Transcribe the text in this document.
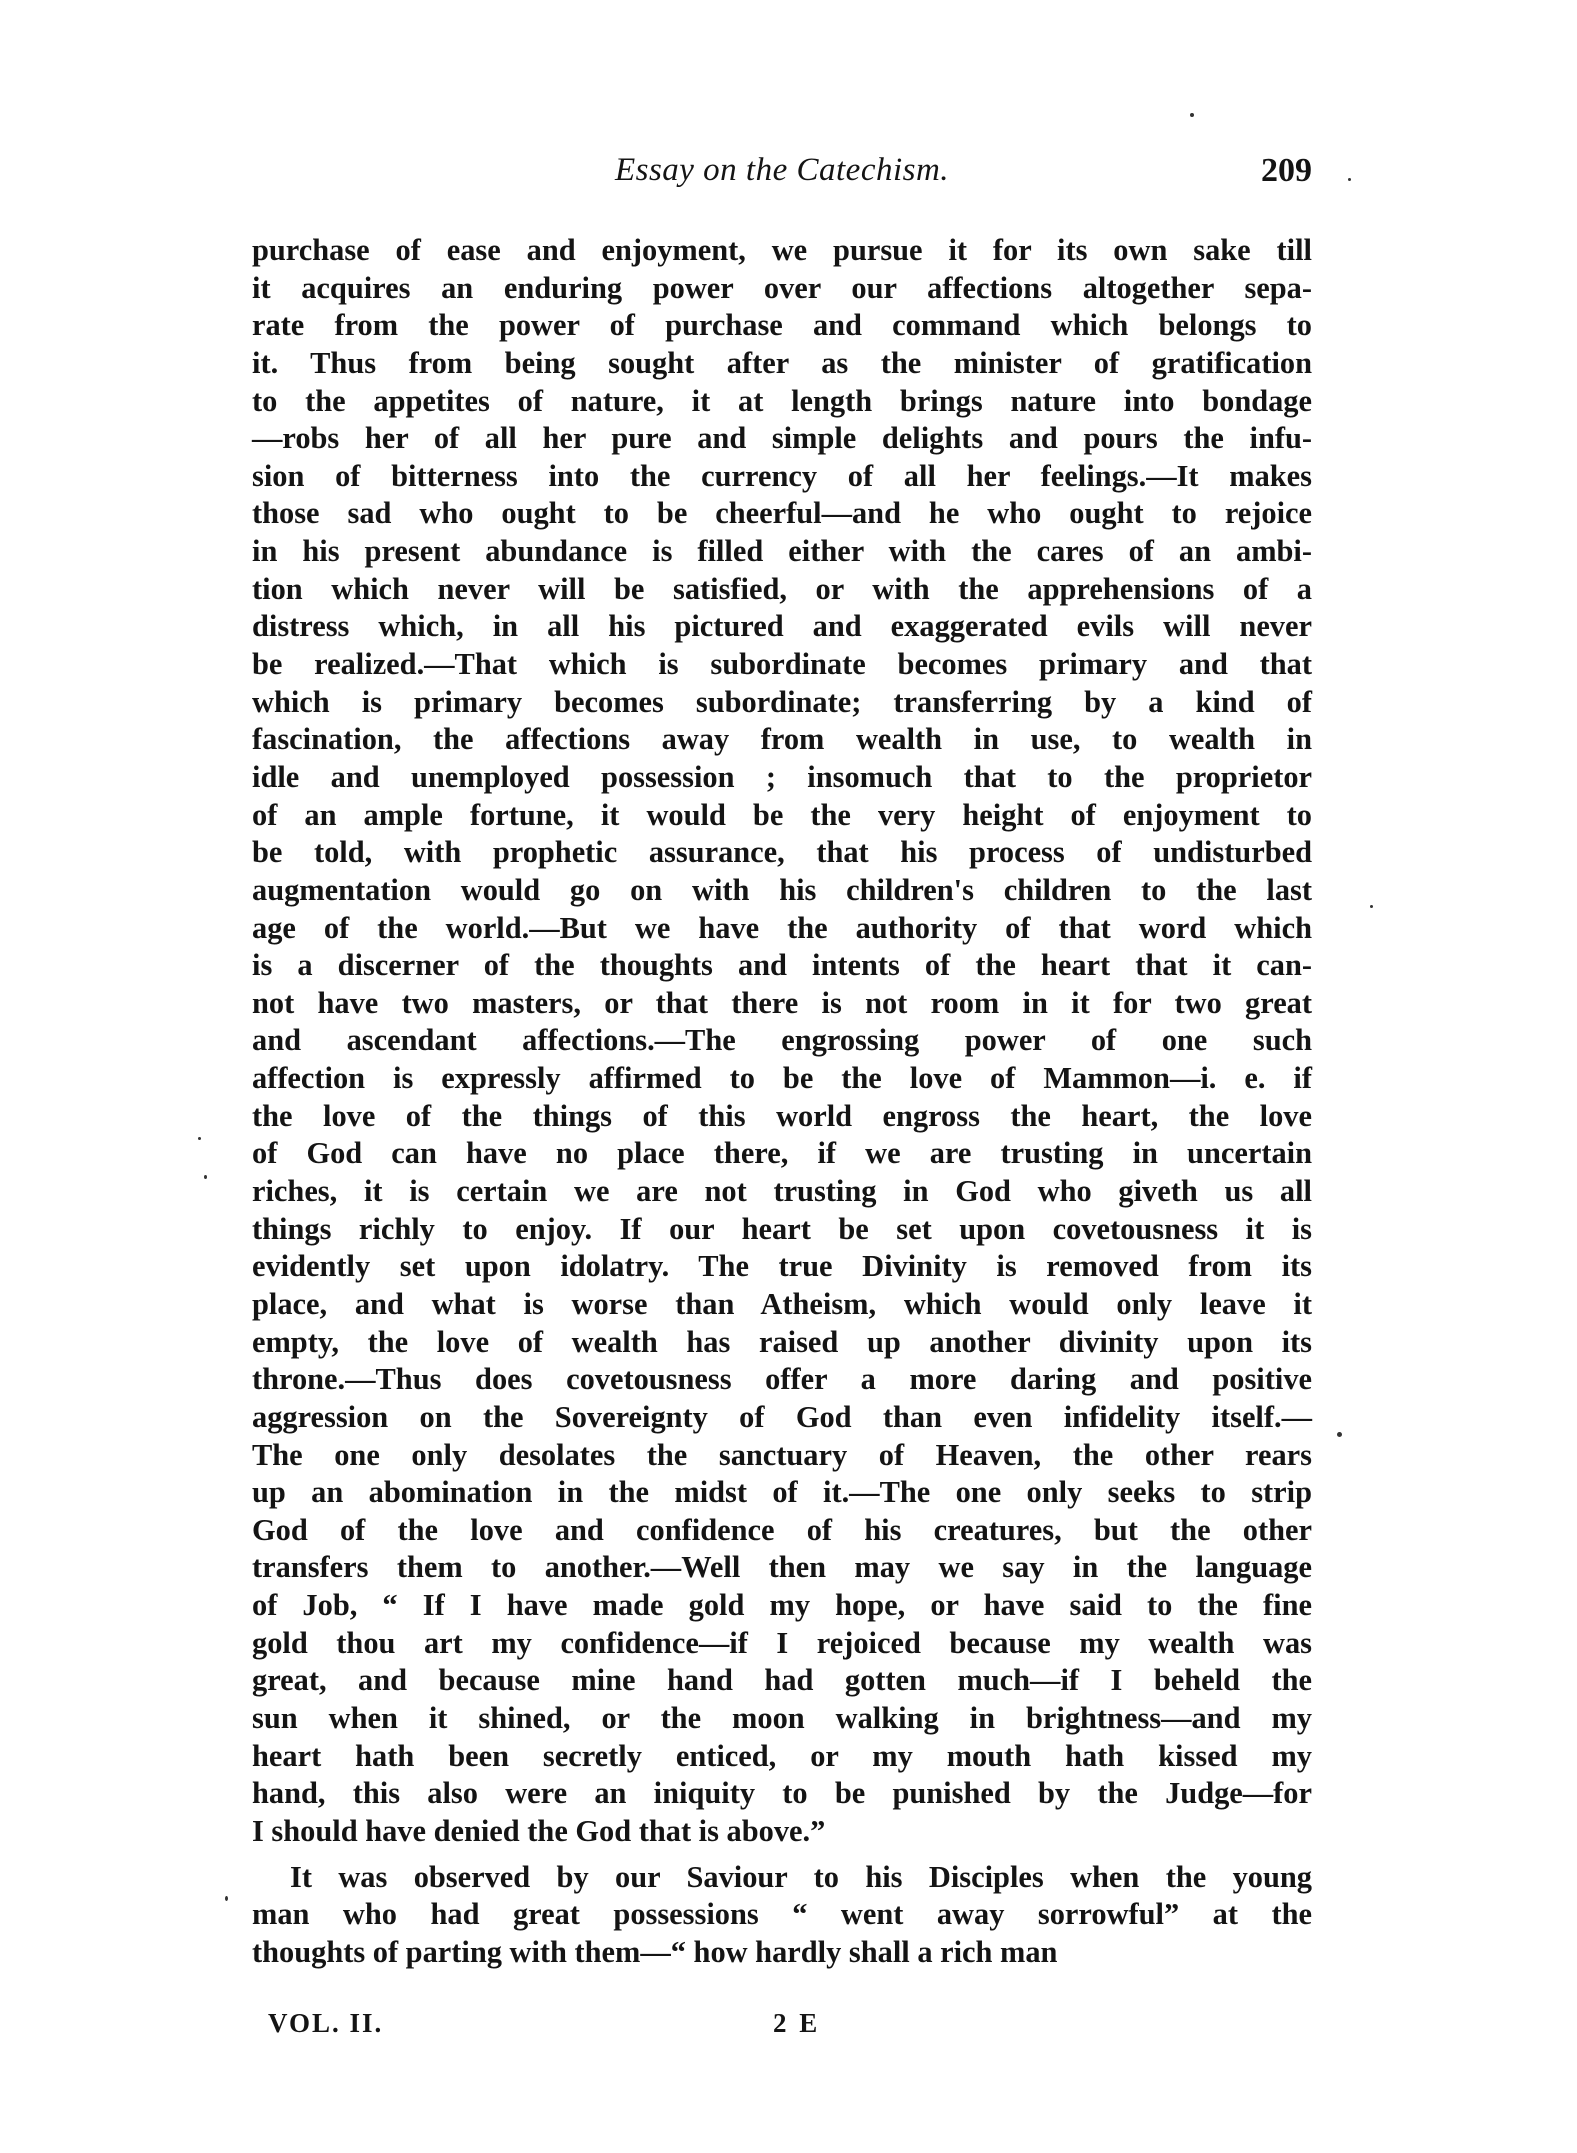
Essay on the Catechism.	209
purchase of ease and enjoyment, we pursue it for its own sake till
it acquires an enduring power over our affections altogether sepa-
rate from the power of purchase and command which belongs to
it. Thus from being sought after as the minister of gratification
to the appetites of nature, it at length brings nature into bondage
—robs her of all her pure and simple delights and pours the infu-
sion of bitterness into the currency of all her feelings.—It makes
those sad who ought to be cheerful—and he who ought to rejoice
in his present abundance is filled either with the cares of an ambi-
tion which never will be satisfied, or with the apprehensions of a
distress which, in all his pictured and exaggerated evils will never
be realized.—That which is subordinate becomes primary and that
which is primary becomes subordinate; transferring by a kind of
fascination, the affections away from wealth in use, to wealth in
idle and unemployed possession ; insomuch that to the proprietor
of an ample fortune, it would be the very height of enjoyment to
be told, with prophetic assurance, that his process of undisturbed
augmentation would go on with his children's children to the last
age of the world.—But we have the authority of that word which
is a discerner of the thoughts and intents of the heart that it can-
not have two masters, or that there is not room in it for two great
and ascendant affections.—The engrossing power of one such
affection is expressly affirmed to be the love of Mammon—i. e. if
the love of the things of this world engross the heart, the love
of God can have no place there, if we are trusting in uncertain
riches, it is certain we are not trusting in God who giveth us all
things richly to enjoy. If our heart be set upon covetousness it is
evidently set upon idolatry. The true Divinity is removed from its
place, and what is worse than Atheism, which would only leave it
empty, the love of wealth has raised up another divinity upon its
throne.—Thus does covetousness offer a more daring and positive
aggression on the Sovereignty of God than even infidelity itself.—
The one only desolates the sanctuary of Heaven, the other rears
up an abomination in the midst of it.—The one only seeks to strip
God of the love and confidence of his creatures, but the other
transfers them to another.—Well then may we say in the language
of Job, “ If I have made gold my hope, or have said to the fine
gold thou art my confidence—if I rejoiced because my wealth was
great, and because mine hand had gotten much—if I beheld the
sun when it shined, or the moon walking in brightness—and my
heart hath been secretly enticed, or my mouth hath kissed my
hand, this also were an iniquity to be punished by the Judge—for
I should have denied the God that is above.”
It was observed by our Saviour to his Disciples when the young
man who had great possessions “ went away sorrowful” at the
thoughts of parting with them—“ how hardly shall a rich man
VOL. II.	2 E
